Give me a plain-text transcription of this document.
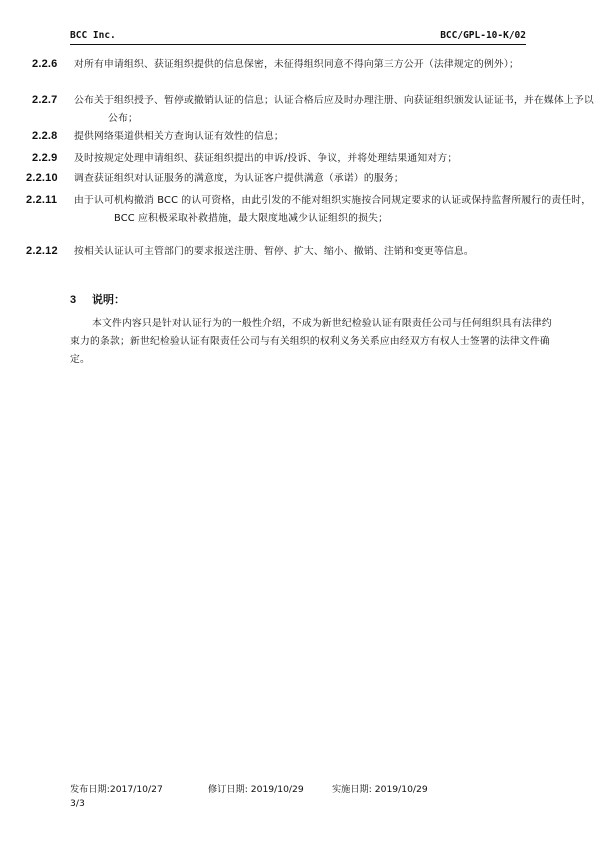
BCC Inc.	BCC/GPL-10-K/02
2.2.6 对所有申请组织、获证组织提供的信息保密，未征得组织同意不得向第三方公开（法律规定的例外）；
2.2.7 公布关于组织授予、暂停或撤销认证的信息；认证合格后应及时办理注册、向获证组织颁发认证证书，并在媒体上予以公布；
2.2.8 提供网络渠道供相关方查询认证有效性的信息；
2.2.9 及时按规定处理申请组织、获证组织提出的申诉/投诉、争议，并将处理结果通知对方；
2.2.10 调查获证组织对认证服务的满意度，为认证客户提供满意（承诺）的服务；
2.2.11 由于认可机构撤消 BCC 的认可资格，由此引发的不能对组织实施按合同规定要求的认证或保持监督所履行的责任时，BCC 应积极采取补救措施，最大限度地减少认证组织的损失；
2.2.12 按相关认证认可主管部门的要求报送注册、暂停、扩大、缩小、撤销、注销和变更等信息。
3 说明：
本文件内容只是针对认证行为的一般性介绍，不成为新世纪检验认证有限责任公司与任何组织具有法律约束力的条款；新世纪检验认证有限责任公司与有关组织的权利义务关系应由经双方有权人士签署的法律文件确定。
发布日期:2017/10/27	修订日期: 2019/10/29	实施日期: 2019/10/29
3/3
